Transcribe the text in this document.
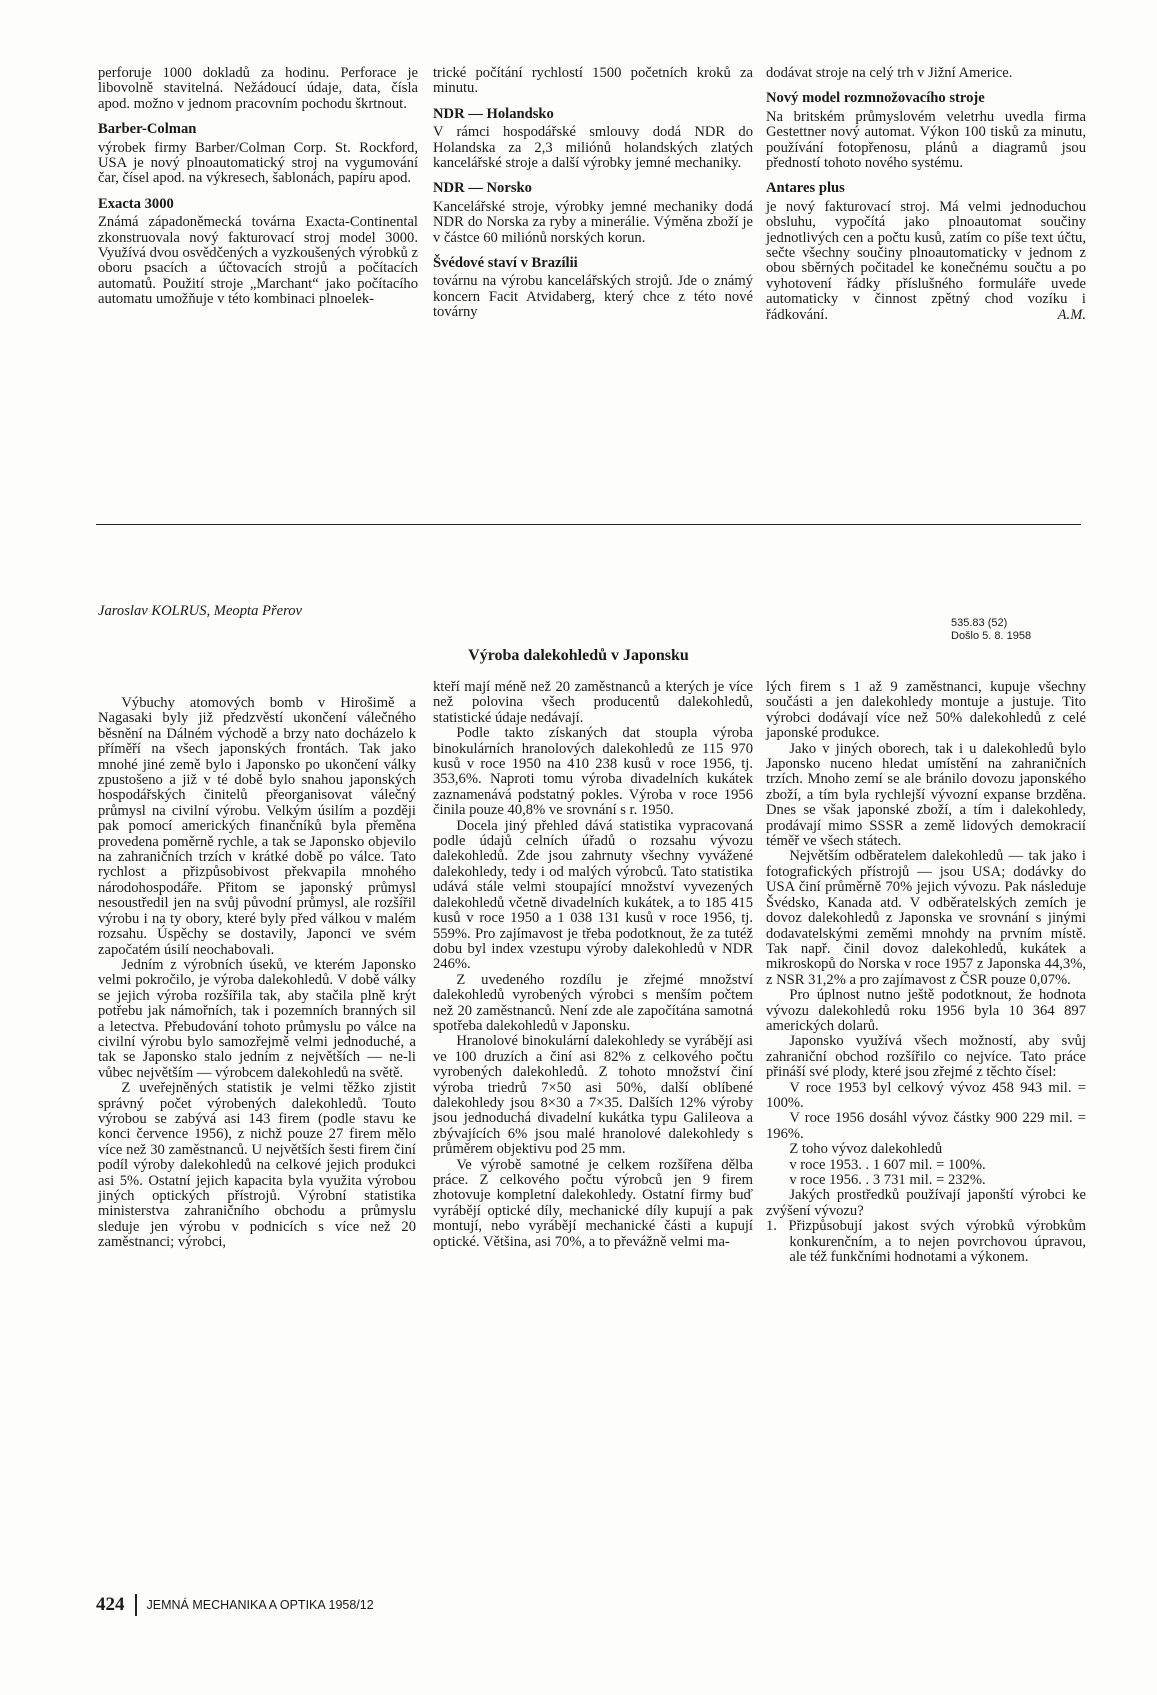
perforuje 1000 dokladů za hodinu. Perforace je libovolně stavitelná. Nežádoucí údaje, data, čísla apod. možno v jednom pracovním pochodu škrtnout.

Barber-Colman

výrobek firmy Barber/Colman Corp. St. Rockford, USA je nový plnoautomatický stroj na vygumování čar, čísel apod. na výkresech, šablonách, papíru apod.

Exacta 3000

Známá západoněmecká továrna Exacta-Continental zkonstruovala nový fakturovací stroj model 3000. Využívá dvou osvědčených a vyzkoušených výrobků z oboru psacích a účtovacích strojů a počítacích automatů. Použití stroje „Marchant“ jako počítacího automatu umožňuje v této kombinaci plnoelek-

trické počítání rychlostí 1500 početních kroků za minutu.

NDR — Holandsko

V rámci hospodářské smlouvy dodá NDR do Holandska za 2,3 miliónů holandských zlatých kancelářské stroje a další výrobky jemné mechaniky.

NDR — Norsko

Kancelářské stroje, výrobky jemné mechaniky dodá NDR do Norska za ryby a minerálie. Výměna zboží je v částce 60 miliónů norských korun.

Švédové staví v Brazílii

továrnu na výrobu kancelářských strojů. Jde o známý koncern Facit Atvidaberg, který chce z této nové továrny

dodávat stroje na celý trh v Jižní Americe.

Nový model rozmnožovacího stroje

Na britském průmyslovém veletrhu uvedla firma Gestettner nový automat. Výkon 100 tisků za minutu, používání fotopřenosu, plánů a diagramů jsou předností tohoto nového systému.

Antares plus

je nový fakturovací stroj. Má velmi jednoduchou obsluhu, vypočítá jako plnoautomat součiny jednotlivých cen a počtu kusů, zatím co píše text účtu, sečte všechny součiny plnoautomaticky v jednom z obou sběrných počitadel ke konečnému součtu a po vyhotovení řádky příslušného formuláře uvede automaticky v činnost zpětný chod vozíku i řádkování.	A.M.

Jaroslav KOLRUS, Meopta Přerov
535.83 (52)
Došlo 5. 8. 1958
Výroba dalekohledů v Japonsku

Výbuchy atomových bomb v Hirošimě a Nagasaki byly již předzvěstí ukončení válečného běsnění na Dálném východě a brzy nato docházelo k příměří na všech japonských frontách. Tak jako mnohé jiné země bylo i Japonsko po ukončení války zpustošeno a již v té době bylo snahou japonských hospodářských činitelů přeorganisovat válečný průmysl na civilní výrobu. Velkým úsilím a později pak pomocí amerických finančníků byla přeměna provedena poměrně rychle, a tak se Japonsko objevilo na zahraničních trzích v krátké době po válce. Tato rychlost a přizpůsobivost překvapila mnohého národohospodáře. Přitom se japonský průmysl nesoustředil jen na svůj původní průmysl, ale rozšířil výrobu i na ty obory, které byly před válkou v malém rozsahu. Úspěchy se dostavily, Japonci ve svém započatém úsilí neochabovali.

Jedním z výrobních úseků, ve kterém Japonsko velmi pokročilo, je výroba dalekohledů. V době války se jejich výroba rozšířila tak, aby stačila plně krýt potřebu jak námořních, tak i pozemních branných sil a letectva. Přebudování tohoto průmyslu po válce na civilní výrobu bylo samozřejmě velmi jednoduché, a tak se Japonsko stalo jedním z největších — ne-li vůbec největším — výrobcem dalekohledů na světě.

Z uveřejněných statistik je velmi těžko zjistit správný počet výrobených dalekohledů. Touto výrobou se zabývá asi 143 firem (podle stavu ke konci července 1956), z nichž pouze 27 firem mělo více než 30 zaměstnanců. U největších šesti firem činí podíl výroby dalekohledů na celkové jejich produkci asi 5%. Ostatní jejich kapacita byla využita výrobou jiných optických přístrojů. Výrobní statistika ministerstva zahraničního obchodu a průmyslu sleduje jen výrobu v podnicích s více než 20 zaměstnanci; výrobci,

kteří mají méně než 20 zaměstnanců a kterých je více než polovina všech producentů dalekohledů, statistické údaje nedávají.

Podle takto získaných dat stoupla výroba binokulárních hranolových dalekohledů ze 115 970 kusů v roce 1950 na 410 238 kusů v roce 1956, tj. 353,6%. Naproti tomu výroba divadelních kukátek zaznamenává podstatný pokles. Výroba v roce 1956 činila pouze 40,8% ve srovnání s r. 1950.

Docela jiný přehled dává statistika vypracovaná podle údajů celních úřadů o rozsahu vývozu dalekohledů. Zde jsou zahrnuty všechny vyvážené dalekohledy, tedy i od malých výrobců. Tato statistika udává stále velmi stoupající množství vyvezených dalekohledů včetně divadelních kukátek, a to 185 415 kusů v roce 1950 a 1 038 131 kusů v roce 1956, tj. 559%. Pro zajímavost je třeba podotknout, že za tutéž dobu byl index vzestupu výroby dalekohledů v NDR 246%.

Z uvedeného rozdílu je zřejmé množství dalekohledů vyrobených výrobci s menším počtem než 20 zaměstnanců. Není zde ale započítána samotná spotřeba dalekohledů v Japonsku.

Hranolové binokulární dalekohledy se vyrábějí asi ve 100 druzích a činí asi 82% z celkového počtu vyrobených dalekohledů. Z tohoto množství činí výroba triedrů 7×50 asi 50%, další oblíbené dalekohledy jsou 8×30 a 7×35. Dalších 12% výroby jsou jednoduchá divadelní kukátka typu Galileova a zbývajících 6% jsou malé hranolové dalekohledy s průměrem objektivu pod 25 mm.

Ve výrobě samotné je celkem rozšířena dělba práce. Z celkového počtu výrobců jen 9 firem zhotovuje kompletní dalekohledy. Ostatní firmy buď vyrábějí optické díly, mechanické díly kupují a pak montují, nebo vyrábějí mechanické části a kupují optické. Většina, asi 70%, a to převážně velmi ma-

lých firem s 1 až 9 zaměstnanci, kupuje všechny součásti a jen dalekohledy montuje a justuje. Tito výrobci dodávají více než 50% dalekohledů z celé japonské produkce.

Jako v jiných oborech, tak i u dalekohledů bylo Japonsko nuceno hledat umístění na zahraničních trzích. Mnoho zemí se ale bránilo dovozu japonského zboží, a tím byla rychlejší vývozní expanse brzděna. Dnes se však japonské zboží, a tím i dalekohledy, prodávají mimo SSSR a země lidových demokracií téměř ve všech státech.

Největším odběratelem dalekohledů — tak jako i fotografických přístrojů — jsou USA; dodávky do USA činí průměrně 70% jejich vývozu. Pak následuje Švédsko, Kanada atd. V odběratelských zemích je dovoz dalekohledů z Japonska ve srovnání s jinými dodavatelskými zeměmi mnohdy na prvním místě. Tak např. činil dovoz dalekohledů, kukátek a mikroskopů do Norska v roce 1957 z Japonska 44,3%, z NSR 31,2% a pro zajímavost z ČSR pouze 0,07%.

Pro úplnost nutno ještě podotknout, že hodnota vývozu dalekohledů roku 1956 byla 10 364 897 amerických dolarů.

Japonsko využívá všech možností, aby svůj zahraniční obchod rozšířilo co nejvíce. Tato práce přináší své plody, které jsou zřejmé z těchto čísel:

V roce 1953 byl celkový vývoz 458 943 mil. = 100%.

V roce 1956 dosáhl vývoz částky 900 229 mil. = 196%.

Z toho vývoz dalekohledů

v roce 1953. . 1 607 mil. = 100%.

v roce 1956. . 3 731 mil. = 232%.

Jakých prostředků používají japonští výrobci ke zvýšení vývozu?

1. Přizpůsobují jakost svých výrobků výrobkům konkurenčním, a to nejen povrchovou úpravou, ale též funkčními hodnotami a výkonem.

424 JEMNÁ MECHANIKA A OPTIKA 1958/12
